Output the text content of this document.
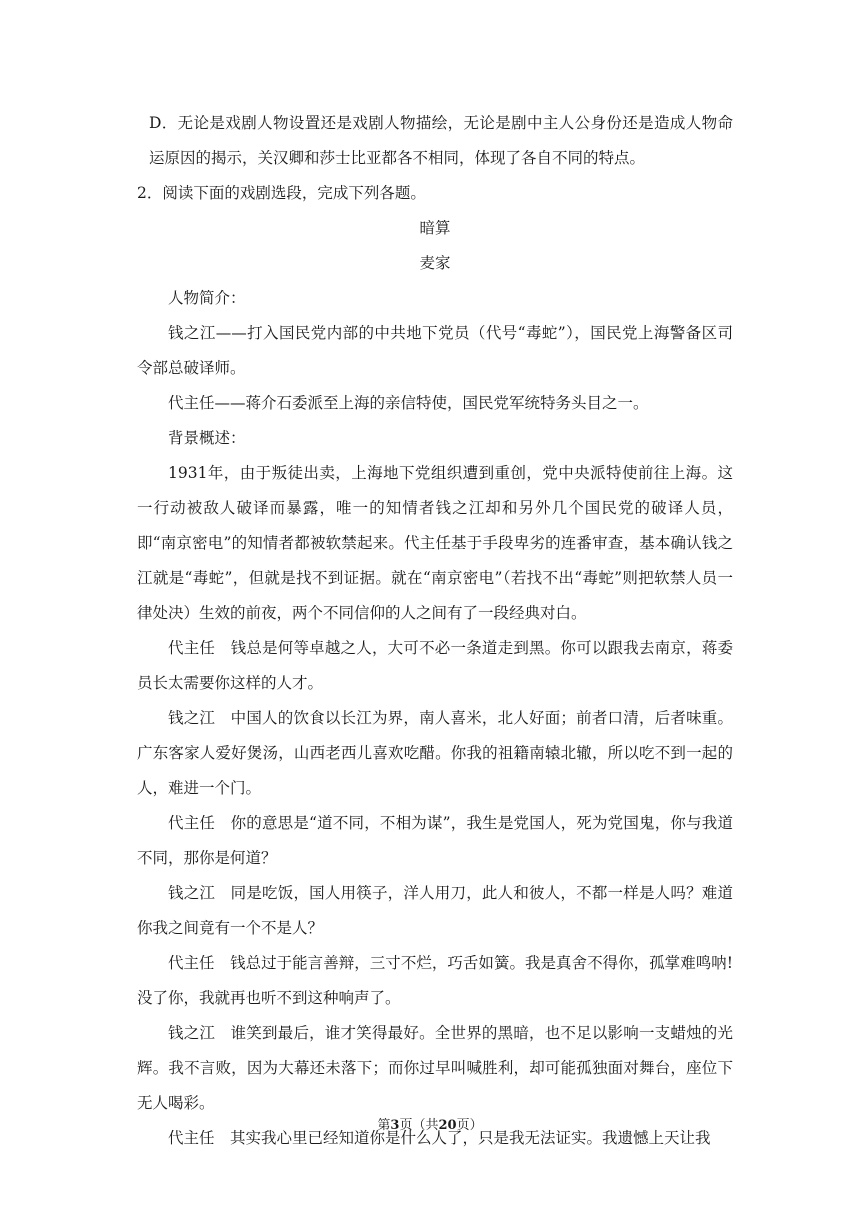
D．无论是戏剧人物设置还是戏剧人物描绘，无论是剧中主人公身份还是造成人物命运原因的揭示，关汉卿和莎士比亚都各不相同，体现了各自不同的特点。

2．阅读下面的戏剧选段，完成下列各题。

暗算

麦家

人物简介：

钱之江——打入国民党内部的中共地下党员（代号“毒蛇”），国民党上海警备区司令部总破译师。

代主任——蒋介石委派至上海的亲信特使，国民党军统特务头目之一。

背景概述：

1931年，由于叛徒出卖，上海地下党组织遭到重创，党中央派特使前往上海。这一行动被敌人破译而暴露，唯一的知情者钱之江却和另外几个国民党的破译人员，即“南京密电”的知情者都被软禁起来。代主任基于手段卑劣的连番审查，基本确认钱之江就是“毒蛇”，但就是找不到证据。就在“南京密电”（若找不出“毒蛇”则把软禁人员一律处决）生效的前夜，两个不同信仰的人之间有了一段经典对白。

代主任 钱总是何等卓越之人，大可不必一条道走到黑。你可以跟我去南京，蒋委员长太需要你这样的人才。

钱之江 中国人的饮食以长江为界，南人喜米，北人好面；前者口清，后者味重。广东客家人爱好煲汤，山西老西儿喜欢吃醋。你我的祖籍南辕北辙，所以吃不到一起的人，难进一个门。

代主任 你的意思是“道不同，不相为谋”，我生是党国人，死为党国鬼，你与我道不同，那你是何道？

钱之江 同是吃饭，国人用筷子，洋人用刀，此人和彼人，不都一样是人吗？难道你我之间竟有一个不是人？

代主任 钱总过于能言善辩，三寸不烂，巧舌如簧。我是真舍不得你，孤掌难鸣呐!没了你，我就再也听不到这种响声了。

钱之江 谁笑到最后，谁才笑得最好。全世界的黑暗，也不足以影响一支蜡烛的光辉。我不言败，因为大幕还未落下；而你过早叫喊胜利，却可能孤独面对舞台，座位下无人喝彩。

代主任 其实我心里已经知道你是什么人了，只是我无法证实。我遗憾上天让我

第3页（共20页）
